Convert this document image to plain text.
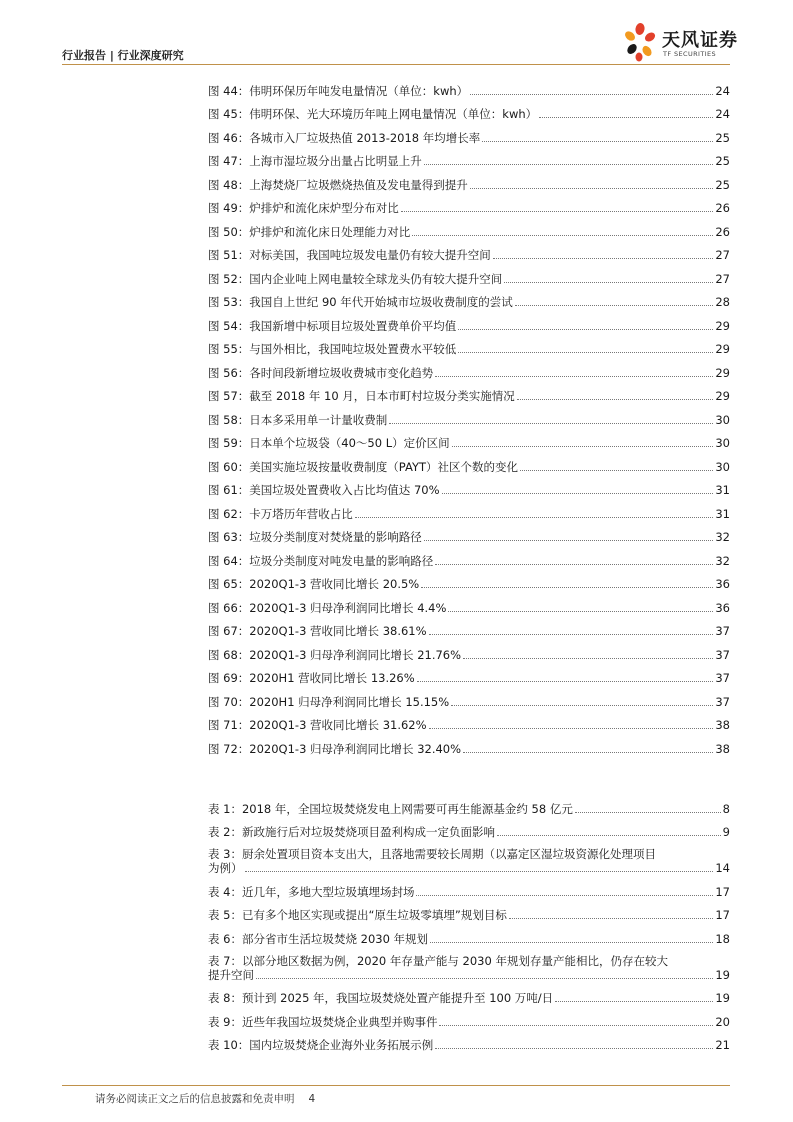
行业报告 | 行业深度研究
天风证券
TF SECURITIES
图 44：伟明环保历年吨发电量情况（单位：kwh）	24
图 45：伟明环保、光大环境历年吨上网电量情况（单位：kwh）	24
图 46：各城市入厂垃圾热值 2013-2018 年均增长率	25
图 47：上海市湿垃圾分出量占比明显上升	25
图 48：上海焚烧厂垃圾燃烧热值及发电量得到提升	25
图 49：炉排炉和流化床炉型分布对比	26
图 50：炉排炉和流化床日处理能力对比	26
图 51：对标美国，我国吨垃圾发电量仍有较大提升空间	27
图 52：国内企业吨上网电量较全球龙头仍有较大提升空间	27
图 53：我国自上世纪 90 年代开始城市垃圾收费制度的尝试	28
图 54：我国新增中标项目垃圾处置费单价平均值	29
图 55：与国外相比，我国吨垃圾处置费水平较低	29
图 56：各时间段新增垃圾收费城市变化趋势	29
图 57：截至 2018 年 10 月，日本市町村垃圾分类实施情况	29
图 58：日本多采用单一计量收费制	30
图 59：日本单个垃圾袋（40～50 L）定价区间	30
图 60：美国实施垃圾按量收费制度（PAYT）社区个数的变化	30
图 61：美国垃圾处置费收入占比均值达 70%	31
图 62：卡万塔历年营收占比	31
图 63：垃圾分类制度对焚烧量的影响路径	32
图 64：垃圾分类制度对吨发电量的影响路径	32
图 65：2020Q1-3 营收同比增长 20.5%	36
图 66：2020Q1-3 归母净利润同比增长 4.4%	36
图 67：2020Q1-3 营收同比增长 38.61%	37
图 68：2020Q1-3 归母净利润同比增长 21.76%	37
图 69：2020H1 营收同比增长 13.26%	37
图 70：2020H1 归母净利润同比增长 15.15%	37
图 71：2020Q1-3 营收同比增长 31.62%	38
图 72：2020Q1-3 归母净利润同比增长 32.40%	38
表 1：2018 年，全国垃圾焚烧发电上网需要可再生能源基金约 58 亿元	8
表 2：新政施行后对垃圾焚烧项目盈利构成一定负面影响	9
表 3：厨余处置项目资本支出大，且落地需要较长周期（以嘉定区湿垃圾资源化处理项目
为例）	14
表 4：近几年，多地大型垃圾填埋场封场	17
表 5：已有多个地区实现或提出“原生垃圾零填埋”规划目标	17
表 6：部分省市生活垃圾焚烧 2030 年规划	18
表 7：以部分地区数据为例，2020 年存量产能与 2030 年规划存量产能相比，仍存在较大
提升空间	19
表 8：预计到 2025 年，我国垃圾焚烧处置产能提升至 100 万吨/日	19
表 9：近些年我国垃圾焚烧企业典型并购事件	20
表 10：国内垃圾焚烧企业海外业务拓展示例	21
请务必阅读正文之后的信息披露和免责申明 4
